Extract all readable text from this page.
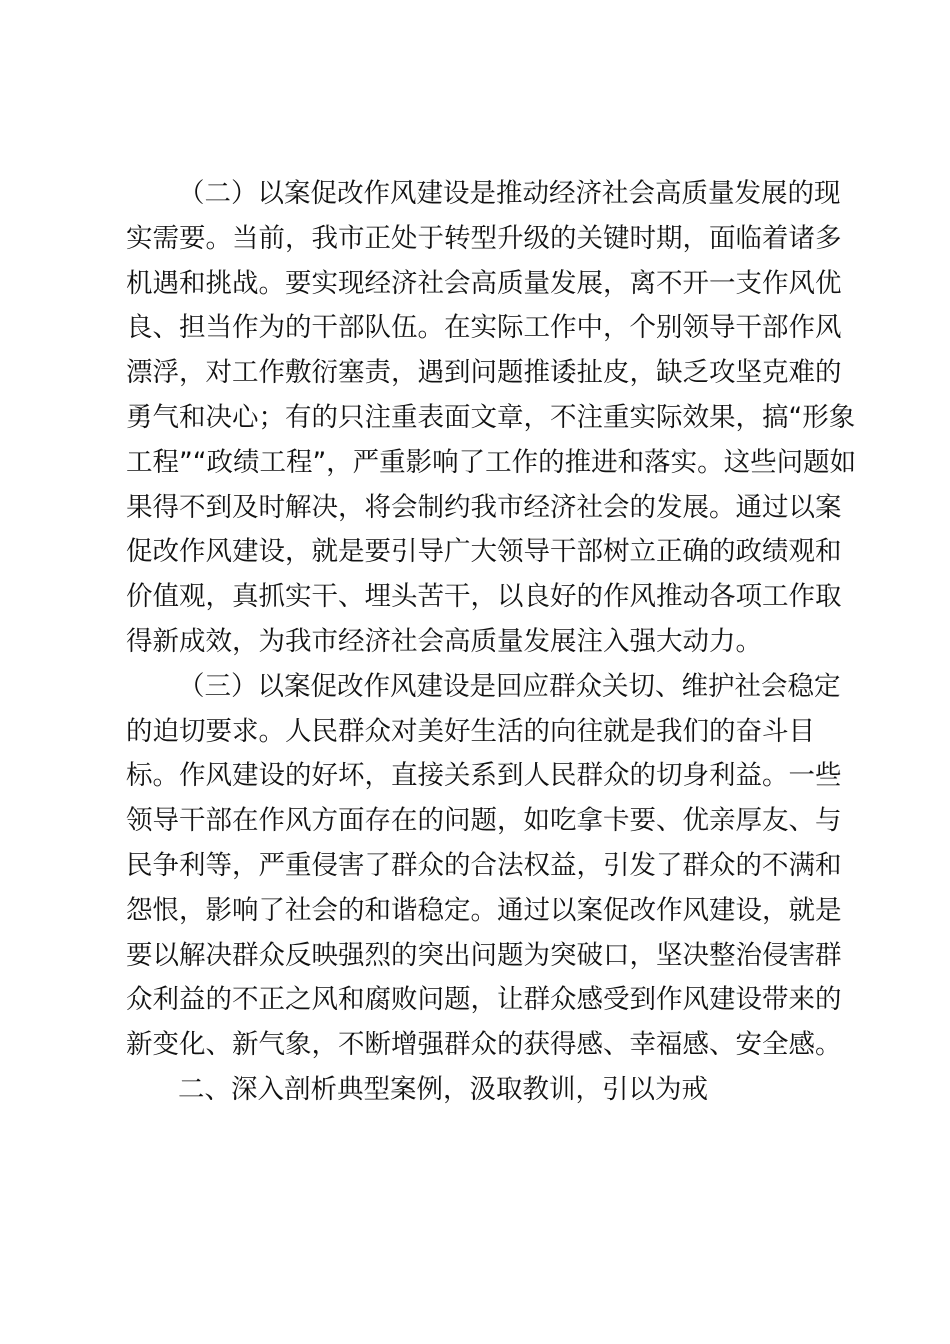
（二）以案促改作风建设是推动经济社会高质量发展的现
实需要。当前，我市正处于转型升级的关键时期，面临着诸多
机遇和挑战。要实现经济社会高质量发展，离不开一支作风优
良、担当作为的干部队伍。在实际工作中，个别领导干部作风
漂浮，对工作敷衍塞责，遇到问题推诿扯皮，缺乏攻坚克难的
勇气和决心；有的只注重表面文章，不注重实际效果，搞“形象
工程”“政绩工程”，严重影响了工作的推进和落实。这些问题如
果得不到及时解决，将会制约我市经济社会的发展。通过以案
促改作风建设，就是要引导广大领导干部树立正确的政绩观和
价值观，真抓实干、埋头苦干，以良好的作风推动各项工作取
得新成效，为我市经济社会高质量发展注入强大动力。
（三）以案促改作风建设是回应群众关切、维护社会稳定
的迫切要求。人民群众对美好生活的向往就是我们的奋斗目
标。作风建设的好坏，直接关系到人民群众的切身利益。一些
领导干部在作风方面存在的问题，如吃拿卡要、优亲厚友、与
民争利等，严重侵害了群众的合法权益，引发了群众的不满和
怨恨，影响了社会的和谐稳定。通过以案促改作风建设，就是
要以解决群众反映强烈的突出问题为突破口，坚决整治侵害群
众利益的不正之风和腐败问题，让群众感受到作风建设带来的
新变化、新气象，不断增强群众的获得感、幸福感、安全感。
二、深入剖析典型案例，汲取教训，引以为戒
